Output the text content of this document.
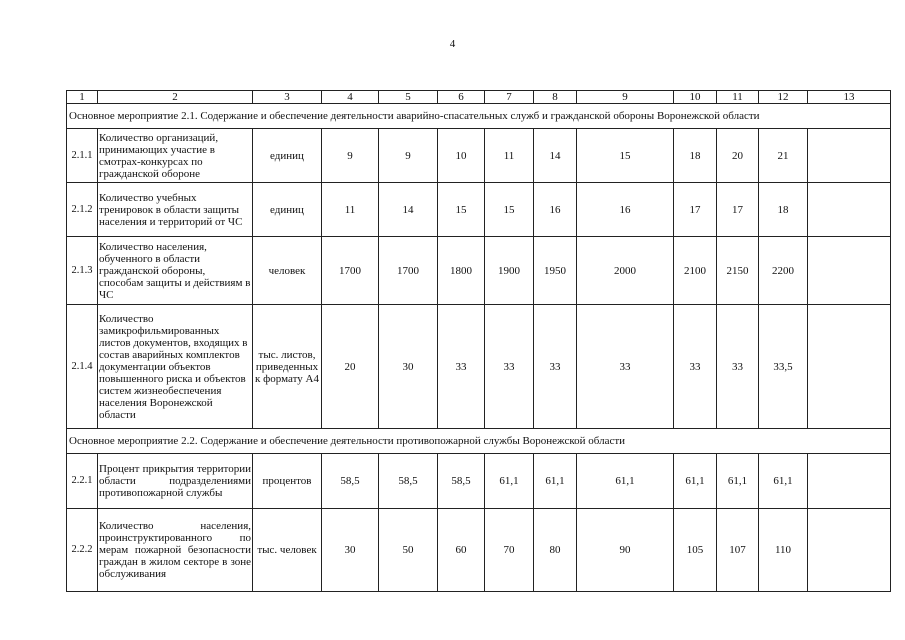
4
1	2	3	4	5	6	7	8	9	10	11	12	13
Основное мероприятие 2.1. Содержание и обеспечение деятельности аварийно-спасательных служб и гражданской обороны Воронежской области												
2.1.1	Количество организаций, принимающих участие в смотрах-конкурсах по гражданской обороне	единиц	9	9	10	11	14	15	18	20	21	
2.1.2	Количество учебных тренировок в области защиты населения и территорий от ЧС	единиц	11	14	15	15	16	16	17	17	18	
2.1.3	Количество населения, обученного в области гражданской обороны, способам защиты и действиям в ЧС	человек	1700	1700	1800	1900	1950	2000	2100	2150	2200	
2.1.4	Количество замикрофильмированных листов документов, входящих в состав аварийных комплектов документации объектов повышенного риска и объектов систем жизнеобеспечения населения Воронежской области	тыс. листов, приведенных к формату А4	20	30	33	33	33	33	33	33	33,5	
Основное мероприятие 2.2. Содержание и обеспечение деятельности противопожарной службы Воронежской области												
2.2.1	Процент прикрытия территории области подразделениями противопожарной службы	процентов	58,5	58,5	58,5	61,1	61,1	61,1	61,1	61,1	61,1	
2.2.2	Количество населения, проинструктированного по мерам пожарной безопасности граждан в жилом секторе в зоне обслуживания	тыс. человек	30	50	60	70	80	90	105	107	110	
